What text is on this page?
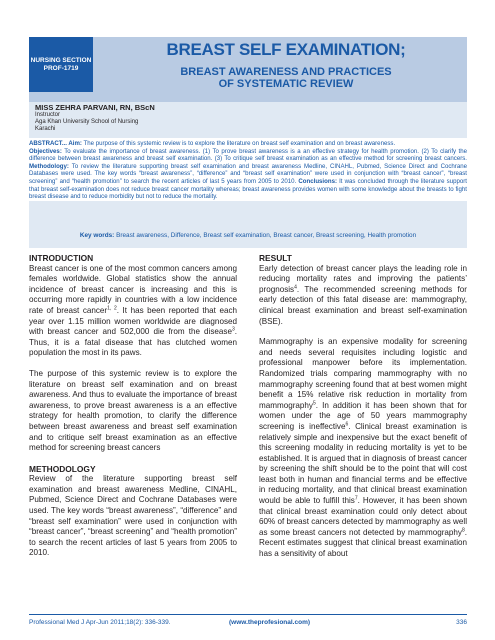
NURSING SECTION
PROF-1719
BREAST SELF EXAMINATION;
BREAST AWARENESS AND PRACTICES
OF SYSTEMATIC REVIEW
MISS ZEHRA PARVANI, RN, BScN
Instructor
Aga Khan University School of Nursing
Karachi

ABSTRACT... Aim: The purpose of this systemic review is to explore the literature on breast self examination and on breast awareness.
Objectives: To evaluate the importance of breast awareness. (1) To prove breast awareness is a an effective strategy for health promotion. (2) To clarify the difference between breast awareness and breast self examination. (3) To critique self breast examination as an effective method for screening breast cancers. Methodology: To review the literature supporting breast self examination and breast awareness Medline, CINAHL, Pubmed, Science Direct and Cochrane Databases were used. The key words “breast awareness”, “difference” and “breast self examination” were used in conjunction with “breast cancer”, “breast screening” and “health promotion” to search the recent articles of last 5 years from 2005 to 2010. Conclusions: It was concluded through the literature support that breast self-examination does not reduce breast cancer mortality whereas; breast awareness provides women with some knowledge about the breasts to fight breast disease and to reduce morbidity but not to reduce the mortality.

Key words: Breast awareness, Difference, Breast self examination, Breast cancer, Breast screening, Health promotion
INTRODUCTION

Breast cancer is one of the most common cancers among females worldwide. Global statistics show the annual incidence of breast cancer is increasing and this is occurring more rapidly in countries with a low incidence rate of breast cancer$^{1, 2}$. It has been reported that each year over 1.15 million women worldwide are diagnosed with breast cancer and 502,000 die from the disease$^3$. Thus, it is a fatal disease that has clutched women population the most in its paws.

The purpose of this systemic review is to explore the literature on breast self examination and on breast awareness. And thus to evaluate the importance of breast awareness, to prove breast awareness is a an effective strategy for health promotion, to clarify the difference between breast awareness and breast self examination and to critique self breast examination as an effective method for screening breast cancers

METHODOLOGY

Review of the literature supporting breast self examination and breast awareness Medline, CINAHL, Pubmed, Science Direct and Cochrane Databases were used. The key words “breast awareness”, “difference” and “breast self examination” were used in conjunction with “breast cancer”, “breast screening” and “health promotion” to search the recent articles of last 5 years from 2005 to 2010.

RESULT

Early detection of breast cancer plays the leading role in reducing mortality rates and improving the patients’ prognosis$^4$. The recommended screening methods for early detection of this fatal disease are: mammography, clinical breast examination and breast self-examination (BSE).

Mammography is an expensive modality for screening and needs several requisites including logistic and professional manpower before its implementation. Randomized trials comparing mammography with no mammography screening found that at best women might benefit a 15% relative risk reduction in mortality from mammography$^5$. In addition it has been shown that for women under the age of 50 years mammography screening is ineffective$^6$. Clinical breast examination is relatively simple and inexpensive but the exact benefit of this screening modality in reducing mortality is yet to be established. It is argued that in diagnosis of breast cancer by screening the shift should be to the point that will cost least both in human and financial terms and be effective in reducing mortality, and that clinical breast examination would be able to fulfill this$^7$. However, it has been shown that clinical breast examination could only detect about 60% of breast cancers detected by mammography as well as some breast cancers not detected by mammography$^8$. Recent estimates suggest that clinical breast examination has a sensitivity of about

Professional Med J Apr-Jun 2011;18(2): 336-339.	(www.theprofesional.com)	336
